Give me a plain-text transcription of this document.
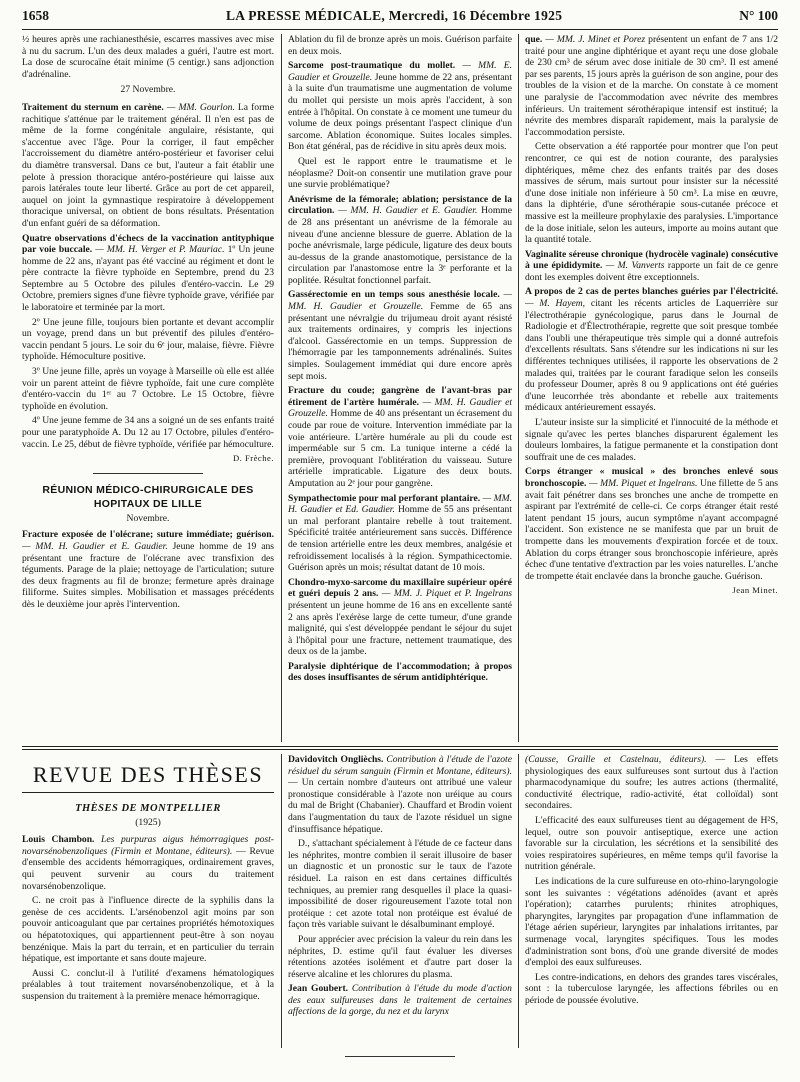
1658	LA PRESSE MÉDICALE, Mercredi, 16 Décembre 1925	N° 100

½ heures après une rachianesthésie, escarres massives avec mise à nu du sacrum. L'un des deux malades a guéri, l'autre est mort. La dose de scurocaïne était minime (5 centigr.) sans adjonction d'adrénaline.

27 Novembre.

Traitement du sternum en carène. — MM. Gourlon. La forme rachitique s'atténue par le traitement général. Il n'en est pas de même de la forme congénitale angulaire, résistante, qui s'accentue avec l'âge. Pour la corriger, il faut empêcher l'accroissement du diamètre antéro-postérieur et favoriser celui du diamètre transversal. Dans ce but, l'auteur a fait établir une pelote à pression thoracique antéro-postérieure qui laisse aux parois latérales toute leur liberté. Grâce au port de cet appareil, auquel on joint la gymnastique respiratoire à développement thoracique universal, on obtient de bons résultats. Présentation d'un enfant guéri de sa déformation.

Quatre observations d'échecs de la vaccination antityphique par voie buccale. — MM. H. Verger et P. Mauriac. 1º Un jeune homme de 22 ans, n'ayant pas été vacciné au régiment et dont le père contracte la fièvre typhoïde en Septembre, prend du 23 Septembre au 5 Octobre des pilules d'entéro-vaccin. Le 29 Octobre, premiers signes d'une fièvre typhoïde grave, vérifiée par le laboratoire et terminée par la mort.

2º Une jeune fille, toujours bien portante et devant accomplir un voyage, prend dans un but préventif des pilules d'entéro-vaccin pendant 5 jours. Le soir du 6ᵉ jour, malaise, fièvre. Fièvre typhoïde. Hémoculture positive.

3º Une jeune fille, après un voyage à Marseille où elle est allée voir un parent atteint de fièvre typhoïde, fait une cure complète d'entéro-vaccin du 1ᵉʳ au 7 Octobre. Le 15 Octobre, fièvre typhoïde en évolution.

4º Une jeune femme de 34 ans a soigné un de ses enfants traité pour une paratyphoïde A. Du 12 au 17 Octobre, pilules d'entéro-vaccin. Le 25, début de fièvre typhoïde, vérifiée par hémoculture.

D. Frèche.
RÉUNION MÉDICO-CHIRURGICALE DES HOPITAUX DE LILLE
Novembre.

Fracture exposée de l'olécrane; suture immédiate; guérison. — MM. H. Gaudier et E. Gaudier. Jeune homme de 19 ans présentant une fracture de l'olécrane avec transfixion des téguments. Parage de la plaie; nettoyage de l'articulation; suture des deux fragments au fil de bronze; fermeture après drainage filiforme. Suites simples. Mobilisation et massages précédents dès le deuxième jour après l'intervention.

Ablation du fil de bronze après un mois. Guérison parfaite en deux mois.

Sarcome post-traumatique du mollet. — MM. E. Gaudier et Grouzelle. Jeune homme de 22 ans, présentant à la suite d'un traumatisme une augmentation de volume du mollet qui persiste un mois après l'accident, à son entrée à l'hôpital. On constate à ce moment une tumeur du volume de deux poings présentant l'aspect clinique d'un sarcome. Ablation économique. Suites locales simples. Bon état général, pas de récidive in situ après deux mois.

Quel est le rapport entre le traumatisme et le néoplasme? Doit-on consentir une mutilation grave pour une survie problématique?

Anévrisme de la fémorale; ablation; persistance de la circulation. — MM. H. Gaudier et E. Gaudier. Homme de 28 ans présentant un anévrisme de la fémorale au niveau d'une ancienne blessure de guerre. Ablation de la poche anévrismale, large pédicule, ligature des deux bouts au-dessus de la grande anastomotique, persistance de la circulation par l'anastomose entre la 3ᵉ perforante et la poplitée. Résultat fonctionnel parfait.

Gassérectomie en un temps sous anesthésie locale. — MM. H. Gaudier et Grouzelle. Femme de 65 ans présentant une névralgie du trijumeau droit ayant résisté aux traitements ordinaires, y compris les injections d'alcool. Gassérectomie en un temps. Suppression de l'hémorragie par les tamponnements adrénalinés. Suites simples. Soulagement immédiat qui dure encore après sept mois.

Fracture du coude; gangrène de l'avant-bras par étirement de l'artère humérale. — MM. H. Gaudier et Grouzelle. Homme de 40 ans présentant un écrasement du coude par roue de voiture. Intervention immédiate par la voie antérieure. L'artère humérale au pli du coude est imperméable sur 5 cm. La tunique interne a cédé la première, provoquant l'oblitération du vaisseau. Suture artérielle impraticable. Ligature des deux bouts. Amputation au 2ᵉ jour pour gangrène.

Sympathectomie pour mal perforant plantaire. — MM. H. Gaudier et Ed. Gaudier. Homme de 55 ans présentant un mal perforant plantaire rebelle à tout traitement. Spécificité traitée antérieurement sans succès. Différence de tension artérielle entre les deux membres, analgésie et refroidissement localisés à la région. Sympathicectomie. Guérison après un mois; résultat datant de 10 mois.

Chondro-myxo-sarcome du maxillaire supérieur opéré et guéri depuis 2 ans. — MM. J. Piquet et P. Ingelrans présentent un jeune homme de 16 ans en excellente santé 2 ans après l'exérèse large de cette tumeur, d'une grande malignité, qui s'est développée pendant le séjour du sujet à l'hôpital pour une fracture, nettement traumatique, des deux os de la jambe.

Paralysie diphtérique de l'accommodation; à propos des doses insuffisantes de sérum antidiphtérique.

que. — MM. J. Minet et Porez présentent un enfant de 7 ans 1/2 traité pour une angine diphtérique et ayant reçu une dose globale de 230 cm³ de sérum avec dose initiale de 30 cm³. Il est amené par ses parents, 15 jours après la guérison de son angine, pour des troubles de la vision et de la marche. On constate à ce moment une paralysie de l'accommodation avec névrite des membres inférieurs. Un traitement sérothérapique intensif est institué; la névrite des membres disparaît rapidement, mais la paralysie de l'accommodation persiste.

Cette observation a été rapportée pour montrer que l'on peut rencontrer, ce qui est de notion courante, des paralysies diphtériques, même chez des enfants traités par des doses massives de sérum, mais surtout pour insister sur la nécessité d'une dose initiale non inférieure à 50 cm³. La mise en œuvre, dans la diphtérie, d'une sérothérapie sous-cutanée précoce et massive est la meilleure prophylaxie des paralysies. L'importance de la dose initiale, selon les auteurs, importe au moins autant que la quantité totale.

Vaginalite séreuse chronique (hydrocèle vaginale) consécutive à une épididymite. — M. Vanverts rapporte un fait de ce genre dont les exemples doivent être exceptionnels.

A propos de 2 cas de pertes blanches guéries par l'électricité. — M. Hayem, citant les récents articles de Laquerrière sur l'électrothérapie gynécologique, parus dans le Journal de Radiologie et d'Électrothérapie, regrette que soit presque tombée dans l'oubli une thérapeutique très simple qui a donné autrefois d'excellents résultats. Sans s'étendre sur les indications ni sur les différentes techniques utilisées, il rapporte les observations de 2 malades qui, traitées par le courant faradique selon les conseils du professeur Doumer, après 8 ou 9 applications ont été guéries d'une leucorrhée très abondante et rebelle aux traitements médicaux antérieurement essayés.

L'auteur insiste sur la simplicité et l'innocuité de la méthode et signale qu'avec les pertes blanches disparurent également les douleurs lombaires, la fatigue permanente et la constipation dont souffrait une de ces malades.

Corps étranger « musical » des bronches enlevé sous bronchoscopie. — MM. Piquet et Ingelrans. Une fillette de 5 ans avait fait pénétrer dans ses bronches une anche de trompette en aspirant par l'extrémité de celle-ci. Ce corps étranger était resté latent pendant 15 jours, aucun symptôme n'ayant accompagné l'accident. Son existence ne se manifesta que par un bruit de trompette dans les mouvements d'expiration forcée et de toux. Ablation du corps étranger sous bronchoscopie inférieure, après échec d'une tentative d'extraction par les voies naturelles. L'anche de trompette était enclavée dans la bronche gauche. Guérison.

Jean Minet.
REVUE DES THÈSES
THÈSES DE MONTPELLIER
(1925)

Louis Chambon. Les purpuras aigus hémorragiques post-novarsénobenzoliques (Firmin et Montane, éditeurs). — Revue d'ensemble des accidents hémorragiques, ordinairement graves, qui peuvent survenir au cours du traitement novarsénobenzolique.

C. ne croit pas à l'influence directe de la syphilis dans la genèse de ces accidents. L'arsénobenzol agit moins par son pouvoir anticoagulant que par certaines propriétés hémotoxiques ou hépatotoxiques, qui appartiennent peut-être à son noyau benzénique. Mais la part du terrain, et en particulier du terrain hépatique, est importante et sans doute majeure.

Aussi C. conclut-il à l'utilité d'examens hématologiques préalables à tout traitement novarsénobenzolique, et à la suspension du traitement à la première menace hémorragique.

Davidovitch Onglièchs. Contribution à l'étude de l'azote résiduel du sérum sanguin (Firmin et Montane, éditeurs). — Un certain nombre d'auteurs ont attribué une valeur pronostique considérable à l'azote non uréique au cours du mal de Bright (Chabanier). Chauffard et Brodin voient dans l'augmentation du taux de l'azote résiduel un signe d'insuffisance hépatique.

D., s'attachant spécialement à l'étude de ce facteur dans les néphrites, montre combien il serait illusoire de baser un diagnostic et un pronostic sur le taux de l'azote résiduel. La raison en est dans certaines difficultés techniques, au premier rang desquelles il place la quasi-impossibilité de doser rigoureusement l'azote total non protéique : cet azote total non protéique est évalué de façon très variable suivant le désalbuminant employé.

Pour apprécier avec précision la valeur du rein dans les néphrites, D. estime qu'il faut évaluer les diverses rétentions azotées isolément et d'autre part doser la réserve alcaline et les chlorures du plasma.

Jean Goubert. Contribution à l'étude du mode d'action des eaux sulfureuses dans le traitement de certaines affections de la gorge, du nez et du larynx

(Causse, Graille et Castelnau, éditeurs). — Les effets physiologiques des eaux sulfureuses sont surtout dus à l'action pharmacodynamique du soufre; les autres actions (thermalité, conductivité électrique, radio-activité, état colloïdal) sont secondaires.

L'efficacité des eaux sulfureuses tient au dégagement de H²S, lequel, outre son pouvoir antiseptique, exerce une action favorable sur la circulation, les sécrétions et la sensibilité des voies respiratoires supérieures, en même temps qu'il favorise la nutrition générale.

Les indications de la cure sulfureuse en oto-rhino-laryngologie sont les suivantes : végétations adénoïdes (avant et après l'opération); catarrhes purulents; rhinites atrophiques, pharyngites, laryngites par propagation d'une inflammation de l'étage aérien supérieur, laryngites par inhalations irritantes, par surmenage vocal, laryngites spécifiques. Tous les modes d'administration sont bons, d'où une grande diversité de modes d'emploi des eaux sulfureuses.

Les contre-indications, en dehors des grandes tares viscérales, sont : la tuberculose laryngée, les affections fébriles ou en période de poussée évolutive.
